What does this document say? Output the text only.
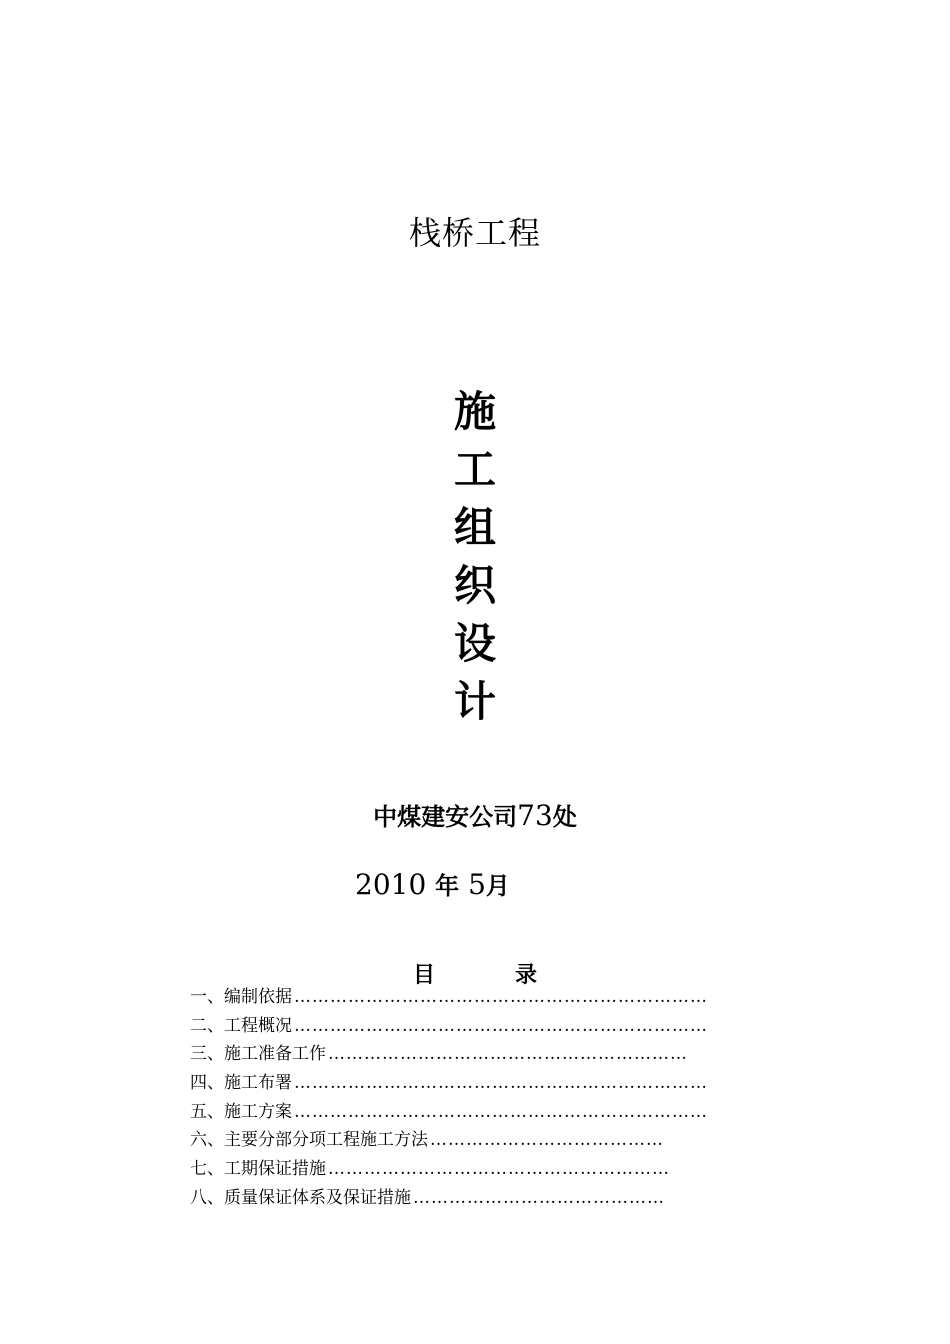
栈桥工程
施
工
组
织
设
计
中煤建安公司73处
2010 年 5月
目	录
一、编制依据 ……………………………………………………………
二、工程概况 ……………………………………………………………
三、施工准备工作 ……………………………………………………
四、施工布署 ……………………………………………………………
五、施工方案 ……………………………………………………………
六、主要分部分项工程施工方法 …………………………………
七、工期保证措施 …………………………………………………
八、质量保证体系及保证措施 ……………………………………
